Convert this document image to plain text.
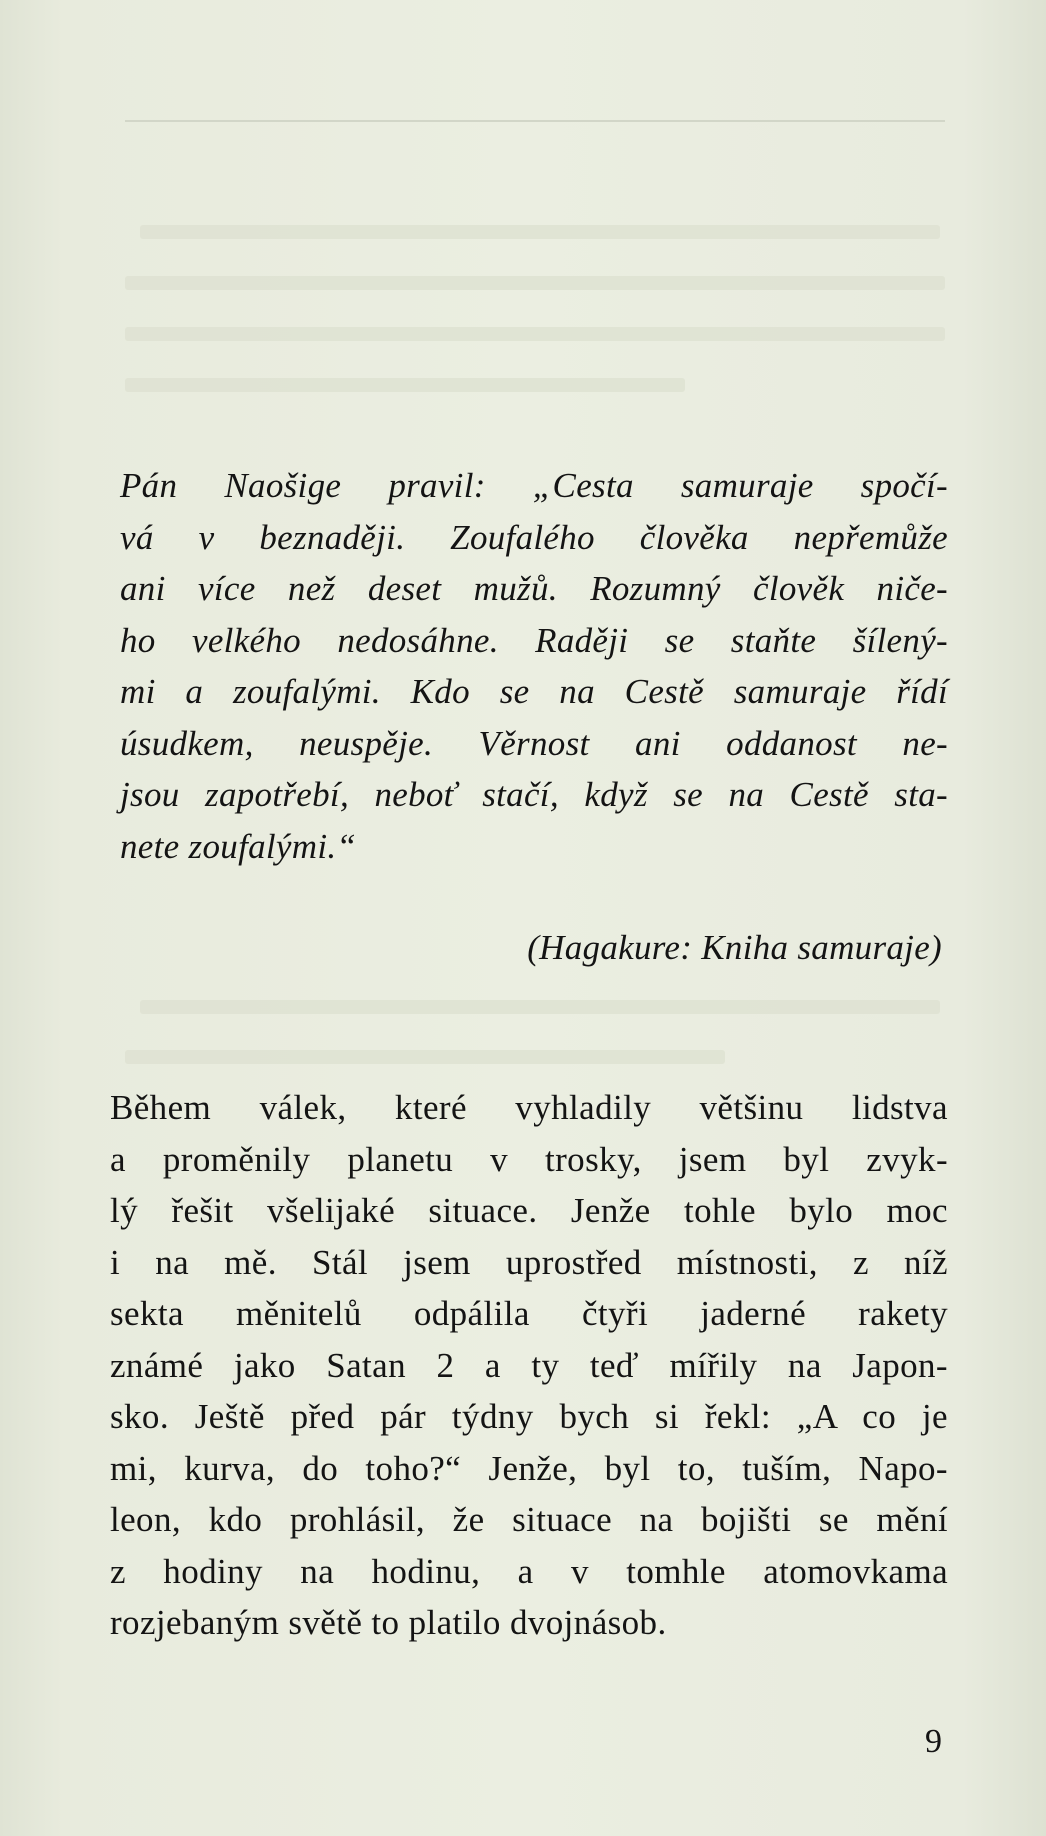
Pán Naošige pravil: „Cesta samuraje spočí-
vá v beznaději. Zoufalého člověka nepřemůže
ani více než deset mužů. Rozumný člověk niče-
ho velkého nedosáhne. Raději se staňte šílený-
mi a zoufalými. Kdo se na Cestě samuraje řídí
úsudkem, neuspěje. Věrnost ani oddanost ne-
jsou zapotřebí, neboť stačí, když se na Cestě sta-
nete zoufalými.“
(Hagakure: Kniha samuraje)
Během válek, které vyhladily většinu lidstva
a proměnily planetu v trosky, jsem byl zvyk-
lý řešit všelijaké situace. Jenže tohle bylo moc
i na mě. Stál jsem uprostřed místnosti, z níž
sekta měnitelů odpálila čtyři jaderné rakety
známé jako Satan 2 a ty teď mířily na Japon-
sko. Ještě před pár týdny bych si řekl: „A co je
mi, kurva, do toho?“ Jenže, byl to, tuším, Napo-
leon, kdo prohlásil, že situace na bojišti se mění
z hodiny na hodinu, a v tomhle atomovkama
rozjebaným světě to platilo dvojnásob.
9
